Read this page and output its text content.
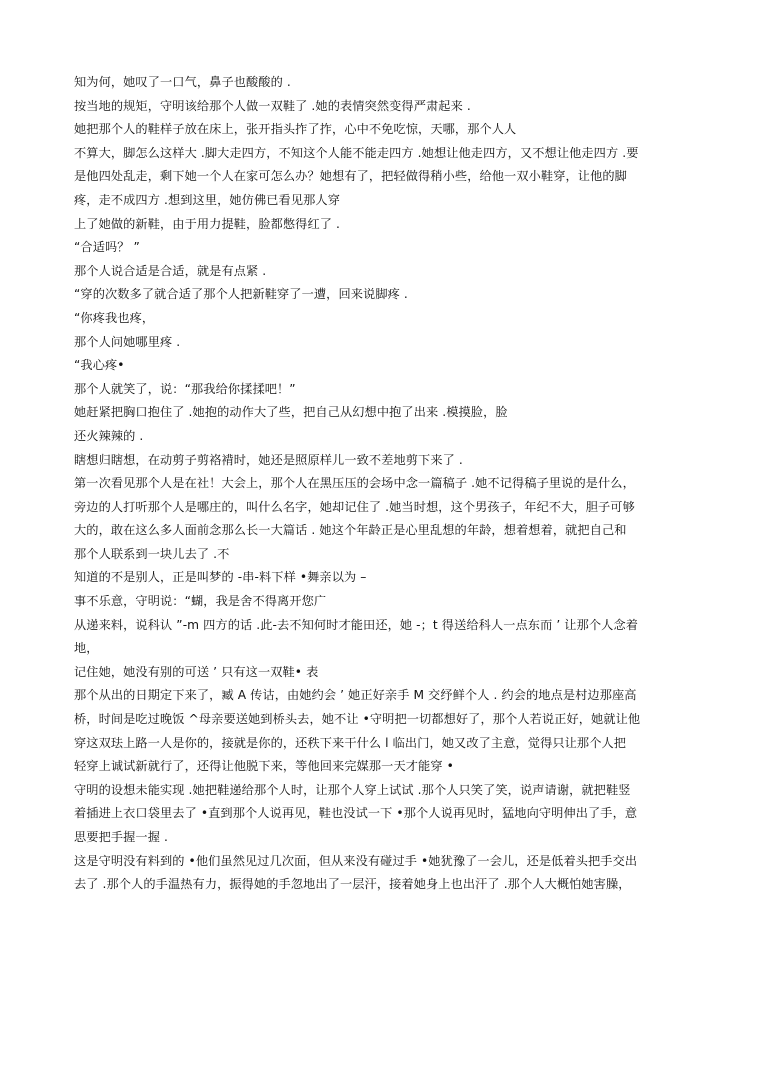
知为何，她叹了一口气，鼻子也酸酸的 .
按当地的规矩，守明该给那个人做一双鞋了 .她的表情突然变得严肃起来 .
她把那个人的鞋样子放在床上，张开指头拃了拃，心中不免吃惊，天哪，那个人人
不算大，脚怎么这样大 .脚大走四方，不知这个人能不能走四方 .她想让他走四方，又不想让他走四方 .要
是他四处乱走，剩下她一个人在家可怎么办？她想有了，把轻做得稍小些，给他一双小鞋穿，让他的脚
疼，走不成四方 .想到这里，她仿佛已看见那人穿
上了她做的新鞋，由于用力提鞋，脸都憋得红了 .
“合适吗？ ”
那个人说合适是合适，就是有点紧 .
“穿的次数多了就合适了那个人把新鞋穿了一遭，回来说脚疼 .
“你疼我也疼，
那个人问她哪里疼 .
“我心疼•
那个人就笑了，说：“那我给你揉揉吧！”
她赶紧把胸口抱住了 .她抱的动作大了些，把自己从幻想中抱了出来 .模摸脸，脸
还火辣辣的 .
瞎想归瞎想，在动剪子剪袼褙时，她还是照原样儿一致不差地剪下来了 .
第一次看见那个人是在社！大会上，那个人在黑压压的会场中念一篇稿子 .她不记得稿子里说的是什么，
旁边的人打听那个人是哪庄的，叫什么名字，她却记住了 .她当时想，这个男孩子，年纪不大，胆子可够
大的，敢在这么多人面前念那么长一大篇话 . 她这个年龄正是心里乱想的年龄，想着想着，就把自己和
那个人联系到一块儿去了 .不
知道的不是别人，正是叫梦的 -串-料下样 •舞亲以为 –
事不乐意，守明说：“蝴，我是舍不得离开您广
从递来料，说科认 ”-m 四方的话 .此-去不知何时才能田还，她 -；t 得送给科人一点东而 ’ 让那个人念着
地，
记住她，她没有别的可送 ’ 只有这一双鞋• 表
那个从出的日期定下来了，臧 A 传诂，由她约会 ’ 她正好亲手 M 交纾鲜个人 . 约会的地点是村边那座高
桥，时间是吃过晚饭 ^母亲要送她到桥头去，她不让 •守明把一切都想好了，那个人若说正好，她就让他
穿这双珐上路一人是你的，接就是你的，还秩下来干什么 l 临出门，她又改了主意，觉得只让那个人把
轻穿上诚试新就行了，还得让他脱下来，等他回来完媒那一天才能穿 •
守明的设想未能实现 .她把鞋递给那个人时，让那个人穿上试试 .那个人只笑了笑，说声请谢，就把鞋竖
着插进上衣口袋里去了 •直到那个人说再见，鞋也没试一下 •那个人说再见时，猛地向守明伸出了手，意
思要把手握一握 .
这是守明没有料到的 •他们虽然见过几次面，但从来没有碰过手 •她犹豫了一会儿，还是低着头把手交出
去了 .那个人的手温热有力，振得她的手忽地出了一层汗，接着她身上也出汗了 .那个人大概怕她害臊，
